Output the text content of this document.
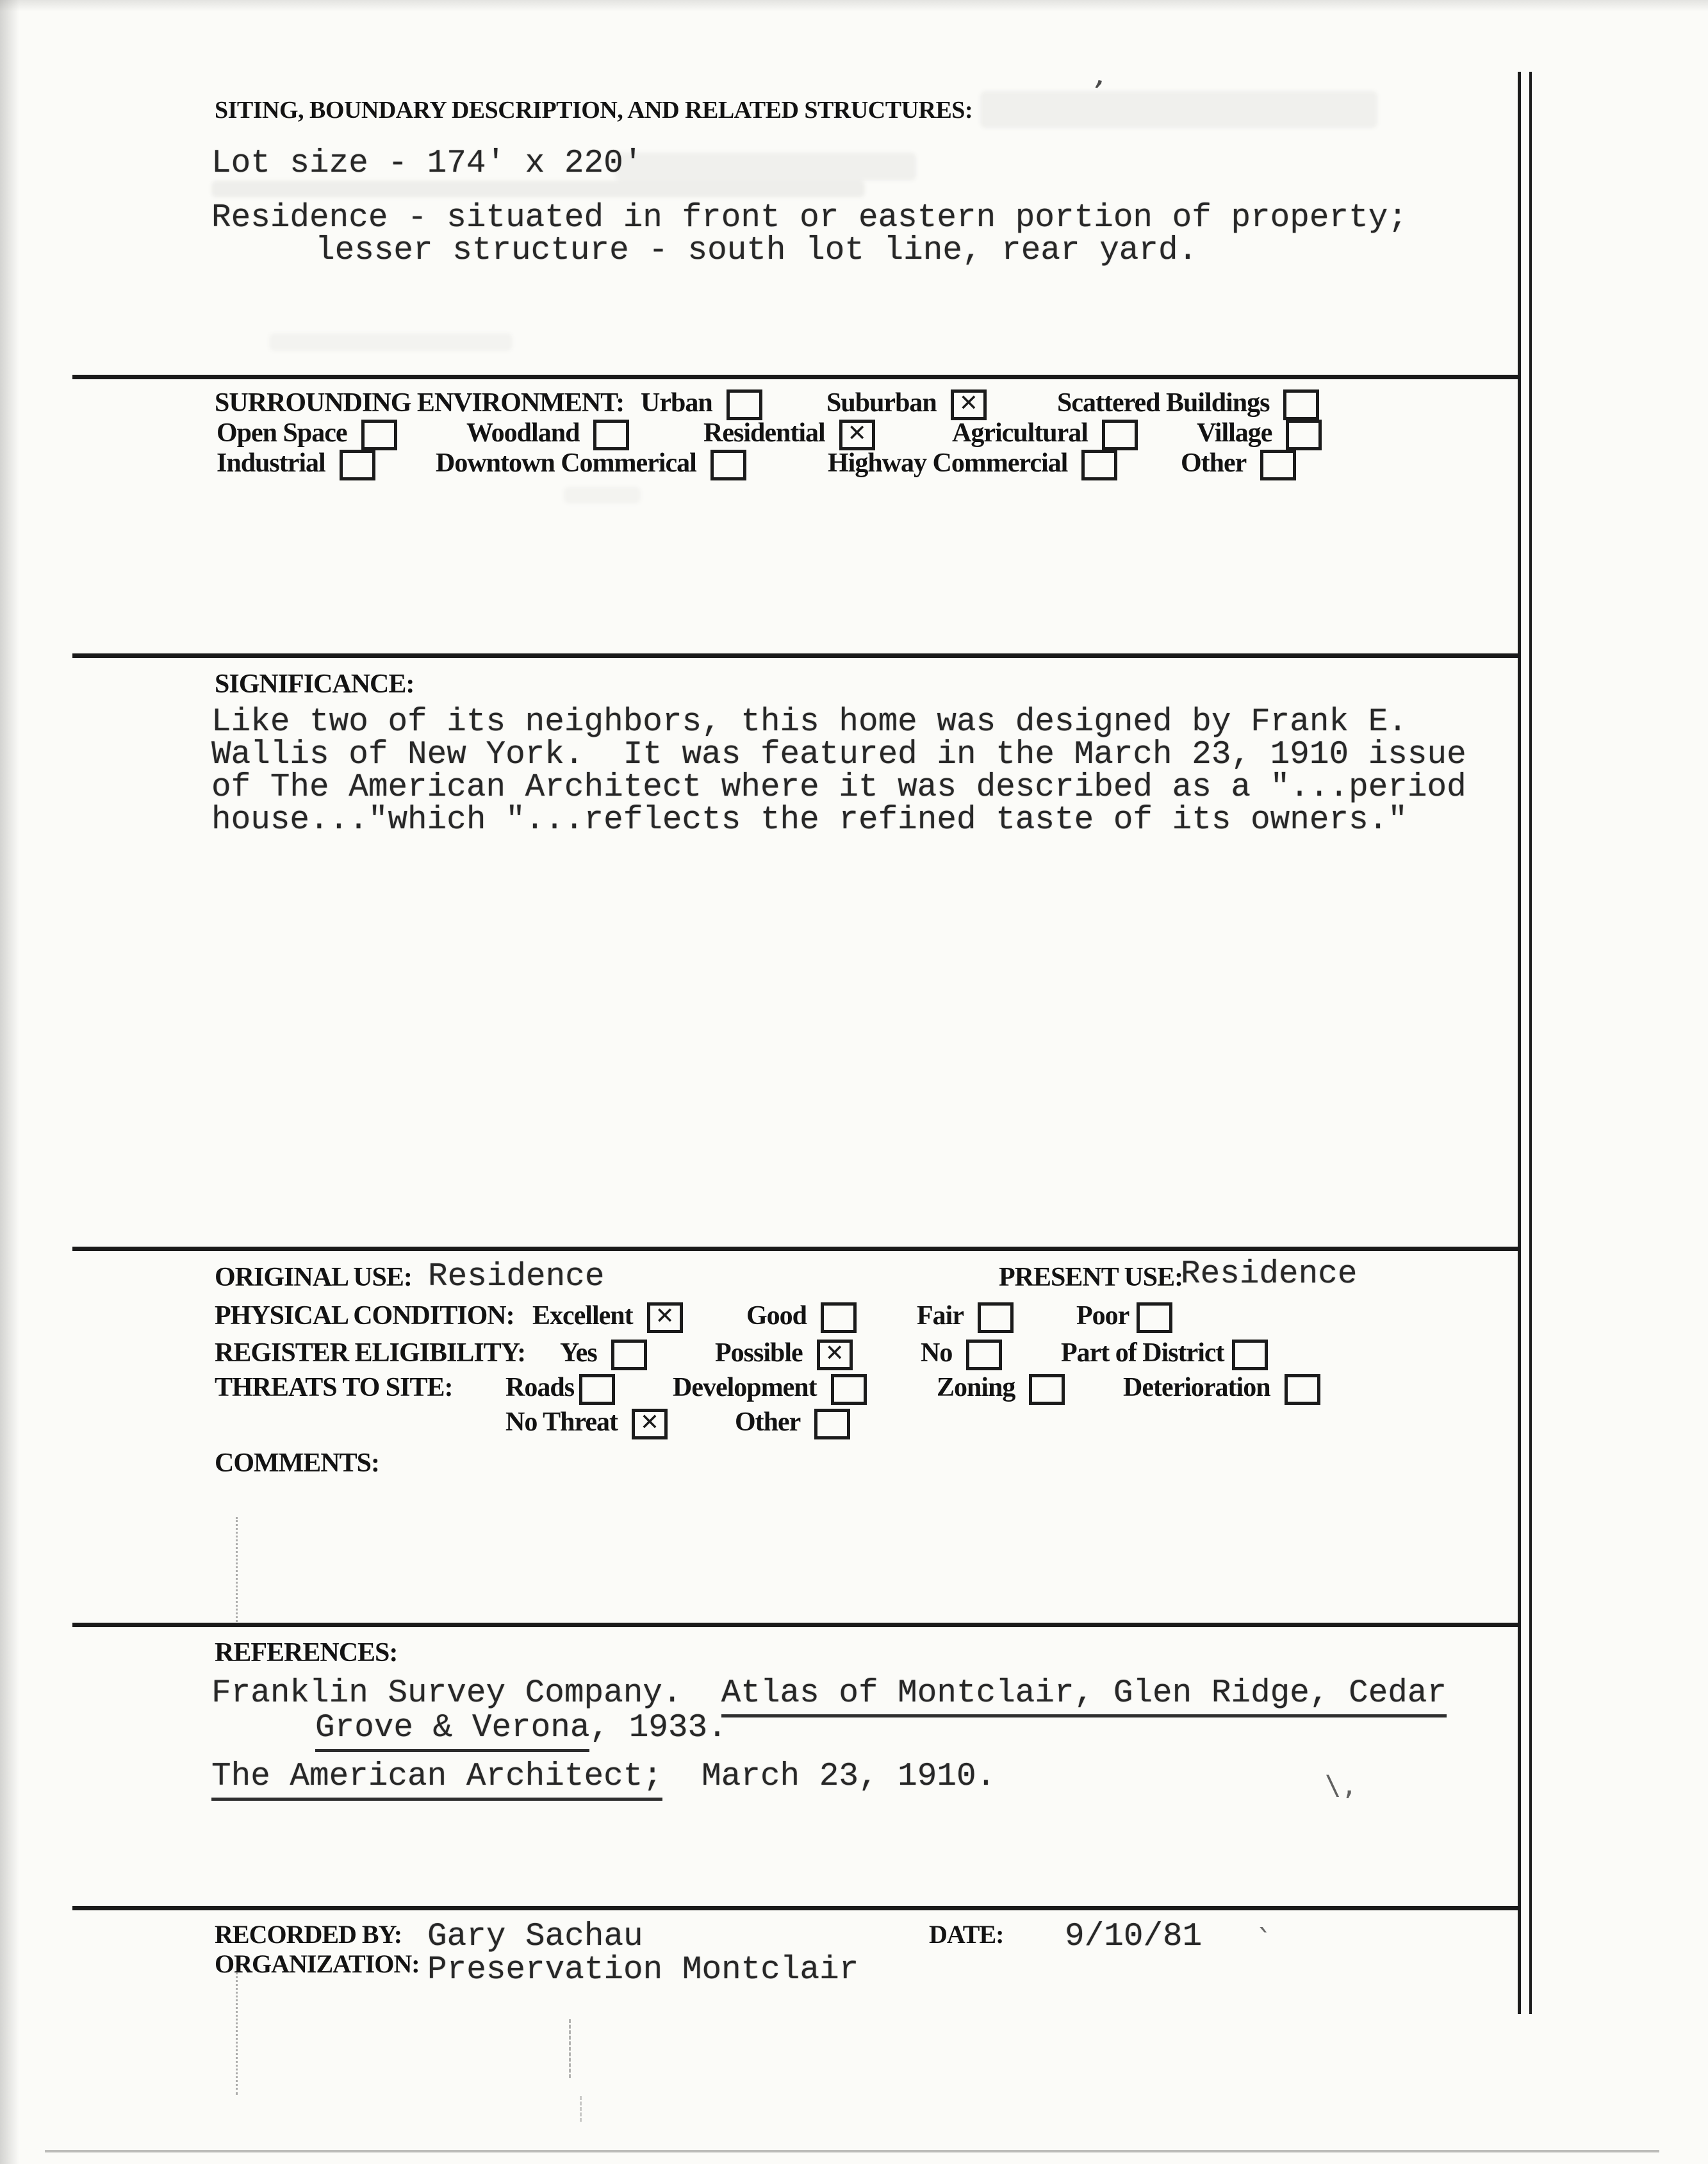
SITING, BOUNDARY DESCRIPTION, AND RELATED STRUCTURES:
Lot size - 174' x 220'
Residence - situated in front or eastern portion of property;
lesser structure - south lot line, rear yard.
SURROUNDING ENVIRONMENT: Urban	Suburban ✕	Scattered Buildings
Open Space	Woodland	Residential ✕	Agricultural	Village
Industrial	Downtown Commerical	Highway Commercial	Other
SIGNIFICANCE:
Like two of its neighbors, this home was designed by Frank E.
Wallis of New York.  It was featured in the March 23, 1910 issue
of The American Architect where it was described as a "...period
house..."which "...reflects the refined taste of its owners."
ORIGINAL USE: Residence	PRESENT USE:
Residence
PHYSICAL CONDITION: Excellent ✕	Good	Fair	Poor
REGISTER ELIGIBILITY: Yes	Possible ✕	No	Part of District
THREATS TO SITE: Roads	Development	Zoning	Deterioration
No Threat ✕	Other
COMMENTS:
REFERENCES:
Franklin Survey Company.  Atlas of Montclair, Glen Ridge, Cedar
Grove & Verona, 1933.
The American Architect;  March 23, 1910.
RECORDED BY: Gary Sachau	DATE: 9/10/81
ORGANIZATION: Preservation Montclair
’
\‚
`
